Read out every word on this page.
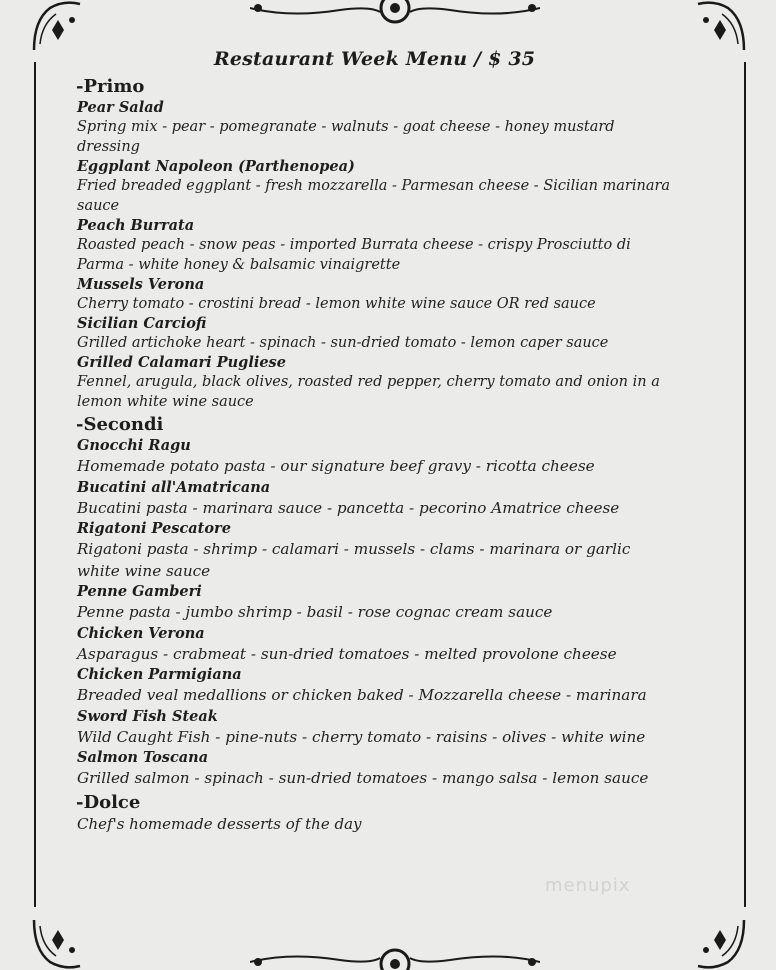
Restaurant Week Menu / $ 35
-Primo
Pear Salad
Spring mix - pear - pomegranate - walnuts - goat cheese - honey mustard dressing
Eggplant Napoleon (Parthenopea)
Fried breaded eggplant - fresh mozzarella - Parmesan cheese - Sicilian marinara sauce
Peach Burrata
Roasted peach - snow peas - imported Burrata cheese - crispy Prosciutto di Parma - white honey & balsamic vinaigrette
Mussels Verona
Cherry tomato - crostini bread - lemon white wine sauce OR red sauce
Sicilian Carciofi
Grilled artichoke heart - spinach - sun-dried tomato - lemon caper sauce
Grilled Calamari Pugliese
Fennel, arugula, black olives, roasted red pepper, cherry tomato and onion in a lemon white wine sauce
-Secondi
Gnocchi Ragu
Homemade potato pasta - our signature beef gravy - ricotta cheese
Bucatini all'Amatricana
Bucatini pasta - marinara sauce - pancetta - pecorino Amatrice cheese
Rigatoni Pescatore
Rigatoni pasta - shrimp - calamari - mussels - clams - marinara or garlic white wine sauce
Penne Gamberi
Penne pasta - jumbo shrimp - basil - rose cognac cream sauce
Chicken Verona
Asparagus - crabmeat - sun-dried tomatoes - melted provolone cheese
Chicken Parmigiana
Breaded veal medallions or chicken baked - Mozzarella cheese - marinara
Sword Fish Steak
Wild Caught Fish - pine-nuts - cherry tomato - raisins - olives - white wine
Salmon Toscana
Grilled salmon - spinach - sun-dried tomatoes - mango salsa - lemon sauce
-Dolce
Chef's homemade desserts of the day
menupix
